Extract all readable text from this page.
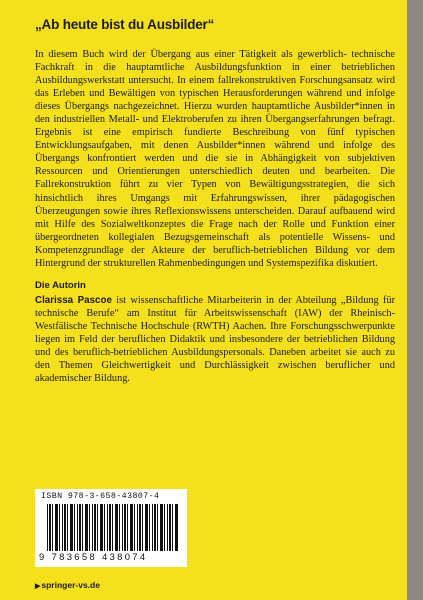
„Ab heute bist du Ausbilder“

In diesem Buch wird der Übergang aus einer Tätigkeit als gewerblich- technische Fachkraft in die hauptamtliche Ausbildungsfunktion in einer betrieblichen Ausbildungswerkstatt untersucht. In einem fallrekonstruktiven Forschungsansatz wird das Erleben und Bewältigen von typischen Herausforderungen während und infolge dieses Übergangs nachgezeichnet. Hierzu wurden hauptamtliche Ausbilder*innen in den industriellen Metall- und Elektroberufen zu ihren Übergangserfahrungen befragt. Ergebnis ist eine empirisch fundierte Beschreibung von fünf typischen Entwicklungsaufgaben, mit denen Ausbilder*innen während und infolge des Übergangs konfrontiert werden und die sie in Abhängigkeit von subjektiven Ressourcen und Orientierungen unterschiedlich deuten und bearbeiten. Die Fallrekonstruktion führt zu vier Typen von Bewältigungsstrategien, die sich hinsichtlich ihres Umgangs mit Erfahrungswissen, ihrer pädagogischen Überzeugungen sowie ihres Reflexionswissens unterscheiden. Darauf aufbauend wird mit Hilfe des Sozialweltkonzeptes die Frage nach der Rolle und Funktion einer übergeordneten kollegialen Bezugsgemeinschaft als potentielle Wissens- und Kompetenzgrundlage der Akteure der beruflich-betrieblichen Bildung vor dem Hintergrund der strukturellen Rahmenbedingungen und Systemspezifika diskutiert.

Die Autorin

Clarissa Pascoe ist wissenschaftliche Mitarbeiterin in der Abteilung „Bildung für technische Berufe“ am Institut für Arbeitswissenschaft (IAW) der Rheinisch-Westfälische Technische Hochschule (RWTH) Aachen. Ihre Forschungsschwerpunkte liegen im Feld der beruflichen Didaktik und insbesondere der betrieblichen Bildung und des beruflich-betrieblichen Ausbildungspersonals. Daneben arbeitet sie auch zu den Themen Gleichwertigkeit und Durchlässigkeit zwischen beruflicher und akademischer Bildung.

ISBN 978-3-658-43807-4
9 783658 438074
▶springer-vs.de
